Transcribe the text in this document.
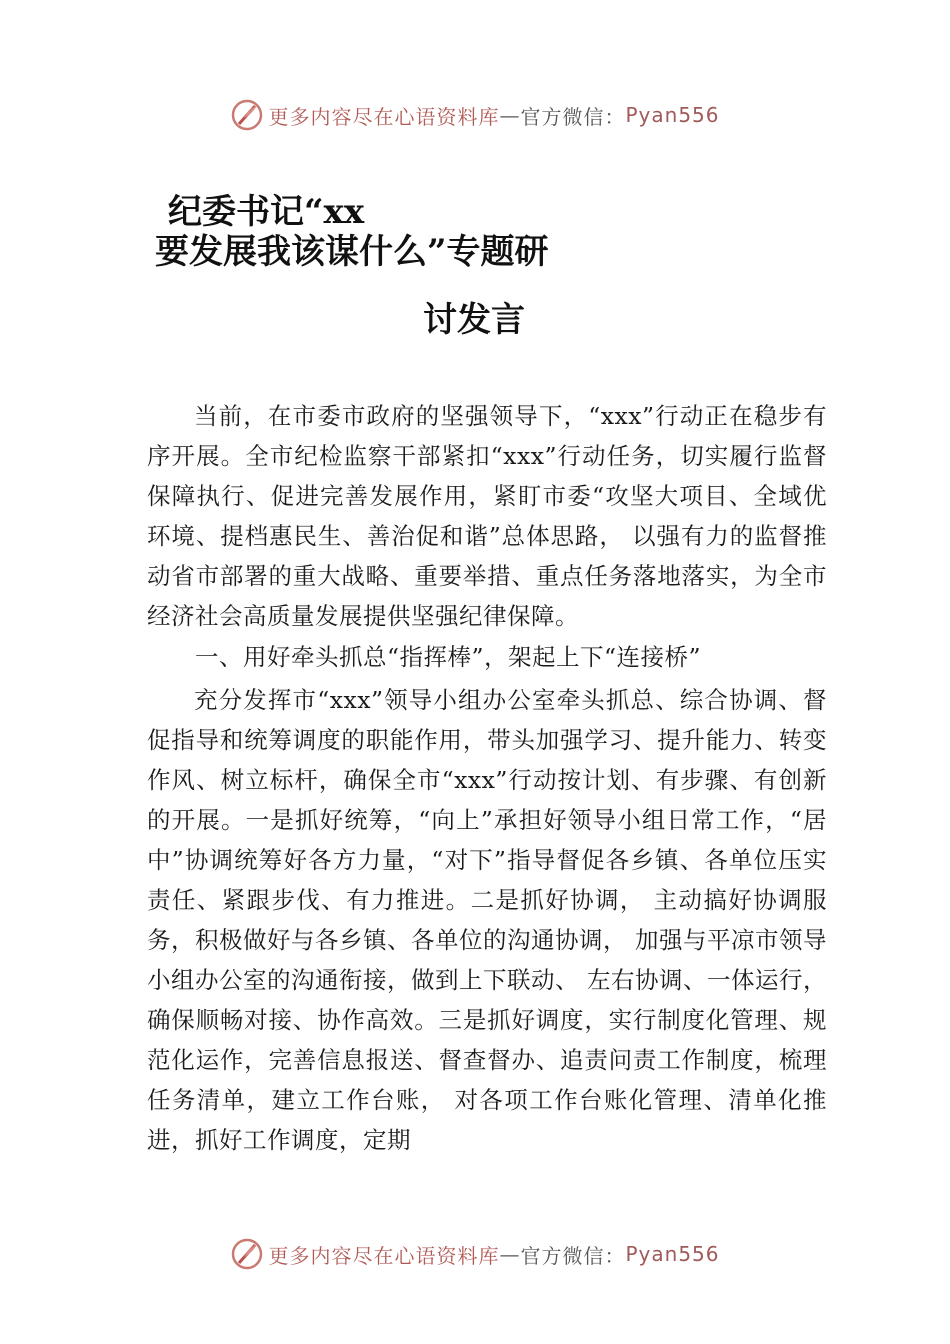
更多内容尽在心语资料库 — 官方微信： Pyan556
纪委书记“xx
要发展我该谋什么”专题研
讨发言

当前，在市委市政府的坚强领导下，“xxx”行动正在稳步有序开展。全市纪检监察干部紧扣“xxx”行动任务，切实履行监督保障执行、促进完善发展作用，紧盯市委“攻坚大项目、全域优环境、提档惠民生、善治促和谐”总体思路， 以强有力的监督推动省市部署的重大战略、重要举措、重点任务落地落实，为全市经济社会高质量发展提供坚强纪律保障。

一、用好牵头抓总“指挥棒”，架起上下“连接桥”

充分发挥市“xxx”领导小组办公室牵头抓总、综合协调、督促指导和统筹调度的职能作用，带头加强学习、提升能力、转变作风、树立标杆，确保全市“xxx”行动按计划、有步骤、有创新的开展。一是抓好统筹，“向上”承担好领导小组日常工作，“居中”协调统筹好各方力量，“对下”指导督促各乡镇、各单位压实责任、紧跟步伐、有力推进。二是抓好协调， 主动搞好协调服务，积极做好与各乡镇、各单位的沟通协调， 加强与平凉市领导小组办公室的沟通衔接，做到上下联动、 左右协调、一体运行，确保顺畅对接、协作高效。三是抓好调度，实行制度化管理、规范化运作，完善信息报送、督查督办、追责问责工作制度，梳理任务清单，建立工作台账， 对各项工作台账化管理、清单化推进，抓好工作调度，定期

更多内容尽在心语资料库 — 官方微信： Pyan556
